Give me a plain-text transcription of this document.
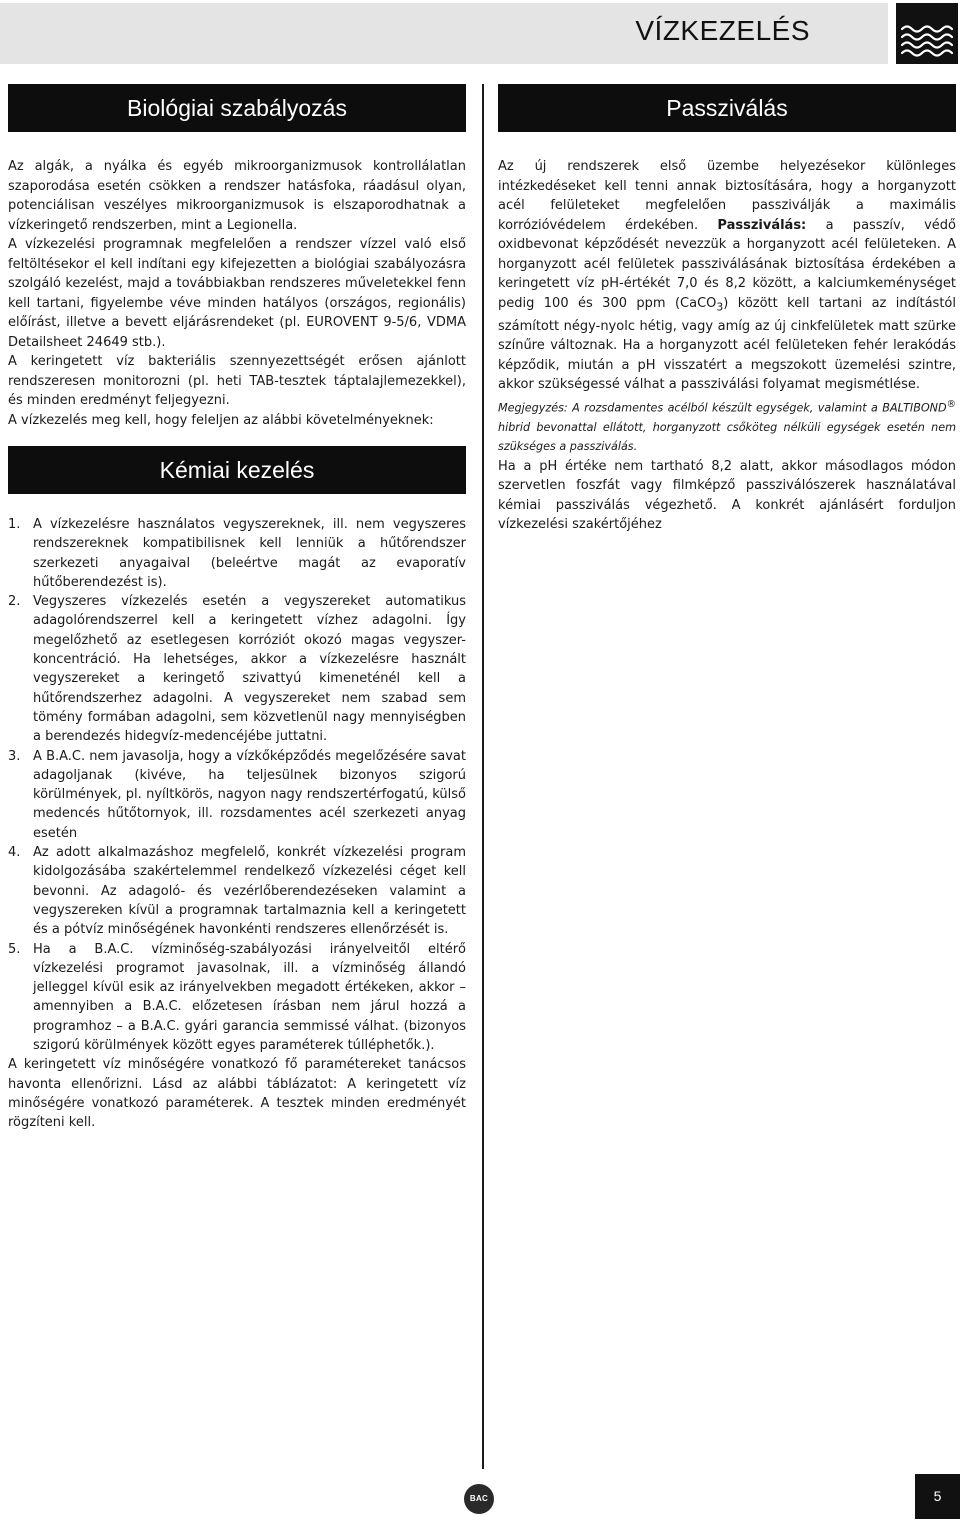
VÍZKEZELÉS
Biológiai szabályozás

Az algák, a nyálka és egyéb mikroorganizmusok kontrollálatlan szaporodása esetén csökken a rendszer hatásfoka, ráadásul olyan, potenciálisan veszélyes mikroorganizmusok is elszaporodhatnak a vízkeringető rendszerben, mint a Legionella.

A vízkezelési programnak megfelelően a rendszer vízzel való első feltöltésekor el kell indítani egy kifejezetten a biológiai szabályozásra szolgáló kezelést, majd a továbbiakban rendszeres műveletekkel fenn kell tartani, figyelembe véve minden hatályos (országos, regionális) előírást, illetve a bevett eljárásrendeket (pl. EUROVENT 9-5/6, VDMA Detailsheet 24649 stb.).

A keringetett víz bakteriális szennyezettségét erősen ajánlott rendszeresen monitorozni (pl. heti TAB-tesztek táptalajlemezekkel), és minden eredményt feljegyezni.

A vízkezelés meg kell, hogy feleljen az alábbi követelményeknek:

Kémiai kezelés
1. A vízkezelésre használatos vegyszereknek, ill. nem vegyszeres rendszereknek kompatibilisnek kell lenniük a hűtőrendszer szerkezeti anyagaival (beleértve magát az evaporatív hűtőberendezést is).
2. Vegyszeres vízkezelés esetén a vegyszereket automatikus adagolórendszerrel kell a keringetett vízhez adagolni. Így megelőzhető az esetlegesen korróziót okozó magas vegyszer-koncentráció. Ha lehetséges, akkor a vízkezelésre használt vegyszereket a keringető szivattyú kimeneténél kell a hűtőrendszerhez adagolni. A vegyszereket nem szabad sem tömény formában adagolni, sem közvetlenül nagy mennyiségben a berendezés hidegvíz-medencéjébe juttatni.
3. A B.A.C. nem javasolja, hogy a vízkőképződés megelőzésére savat adagoljanak (kivéve, ha teljesülnek bizonyos szigorú körülmények, pl. nyíltkörös, nagyon nagy rendszertérfogatú, külső medencés hűtőtornyok, ill. rozsdamentes acél szerkezeti anyag esetén
4. Az adott alkalmazáshoz megfelelő, konkrét vízkezelési program kidolgozásába szakértelemmel rendelkező vízkezelési céget kell bevonni. Az adagoló- és vezérlőberendezéseken valamint a vegyszereken kívül a programnak tartalmaznia kell a keringetett és a pótvíz minőségének havonkénti rendszeres ellenőrzését is.
5. Ha a B.A.C. vízminőség-szabályozási irányelveitől eltérő vízkezelési programot javasolnak, ill. a vízminőség állandó jelleggel kívül esik az irányelvekben megadott értékeken, akkor – amennyiben a B.A.C. előzetesen írásban nem járul hozzá a programhoz – a B.A.C. gyári garancia semmissé válhat. (bizonyos szigorú körülmények között egyes paraméterek túlléphetők.).

A keringetett víz minőségére vonatkozó fő paramétereket tanácsos havonta ellenőrizni. Lásd az alábbi táblázatot: A keringetett víz minőségére vonatkozó paraméterek. A tesztek minden eredményét rögzíteni kell.

Passziválás

Az új rendszerek első üzembe helyezésekor különleges intézkedéseket kell tenni annak biztosítására, hogy a horganyzott acél felületeket megfelelően passziválják a maximális korrózióvédelem érdekében. Passziválás: a passzív, védő oxidbevonat képződését nevezzük a horganyzott acél felületeken. A horganyzott acél felületek passziválásának biztosítása érdekében a keringetett víz pH-értékét 7,0 és 8,2 között, a kalciumkeménységet pedig 100 és 300 ppm (CaCO$_3$) között kell tartani az indítástól számított négy-nyolc hétig, vagy amíg az új cinkfelületek matt szürke színűre változnak. Ha a horganyzott acél felületeken fehér lerakódás képződik, miután a pH visszatért a megszokott üzemelési szintre, akkor szükségessé válhat a passziválási folyamat megismétlése.

Megjegyzés: A rozsdamentes acélból készült egységek, valamint a BALTIBOND® hibrid bevonattal ellátott, horganyzott csőköteg nélküli egységek esetén nem szükséges a passziválás.

Ha a pH értéke nem tartható 8,2 alatt, akkor másodlagos módon szervetlen foszfát vagy filmképző passziválószerek használatával kémiai passziválás végezhető. A konkrét ajánlásért forduljon vízkezelési szakértőjéhez

BAC	5
